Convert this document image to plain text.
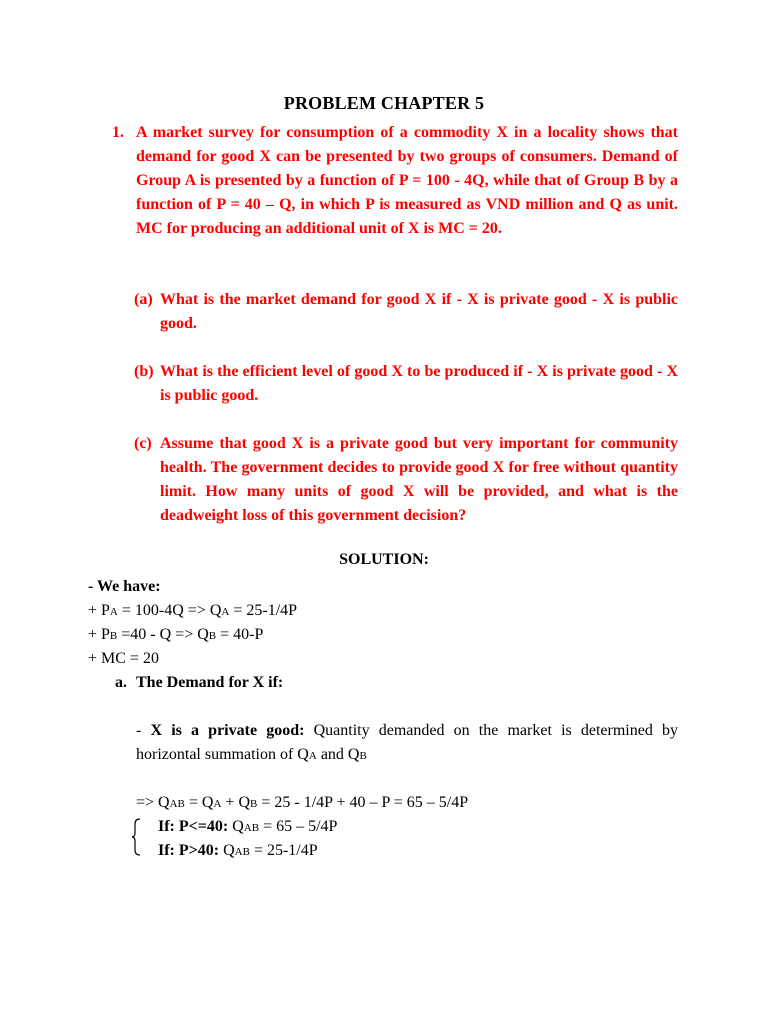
PROBLEM CHAPTER 5
1. A market survey for consumption of a commodity X in a locality shows that demand for good X can be presented by two groups of consumers. Demand of Group A is presented by a function of P = 100 - 4Q, while that of Group B by a function of P = 40 – Q, in which P is measured as VND million and Q as unit. MC for producing an additional unit of X is MC = 20.
(a) What is the market demand for good X if - X is private good - X is public good.
(b) What is the efficient level of good X to be produced if - X is private good - X is public good.
(c) Assume that good X is a private good but very important for community health. The government decides to provide good X for free without quantity limit. How many units of good X will be provided, and what is the deadweight loss of this government decision?
SOLUTION:
- We have:
+ PA = 100-4Q => QA = 25-1/4P
+ PB =40 - Q => QB = 40-P
+ MC = 20
a. The Demand for X if:
- X is a private good: Quantity demanded on the market is determined by
horizontal summation of QA and QB
=> QAB = QA + QB = 25 - 1/4P + 40 – P = 65 – 5/4P
If: P<=40: QAB = 65 – 5/4P
If: P>40: QAB = 25-1/4P
